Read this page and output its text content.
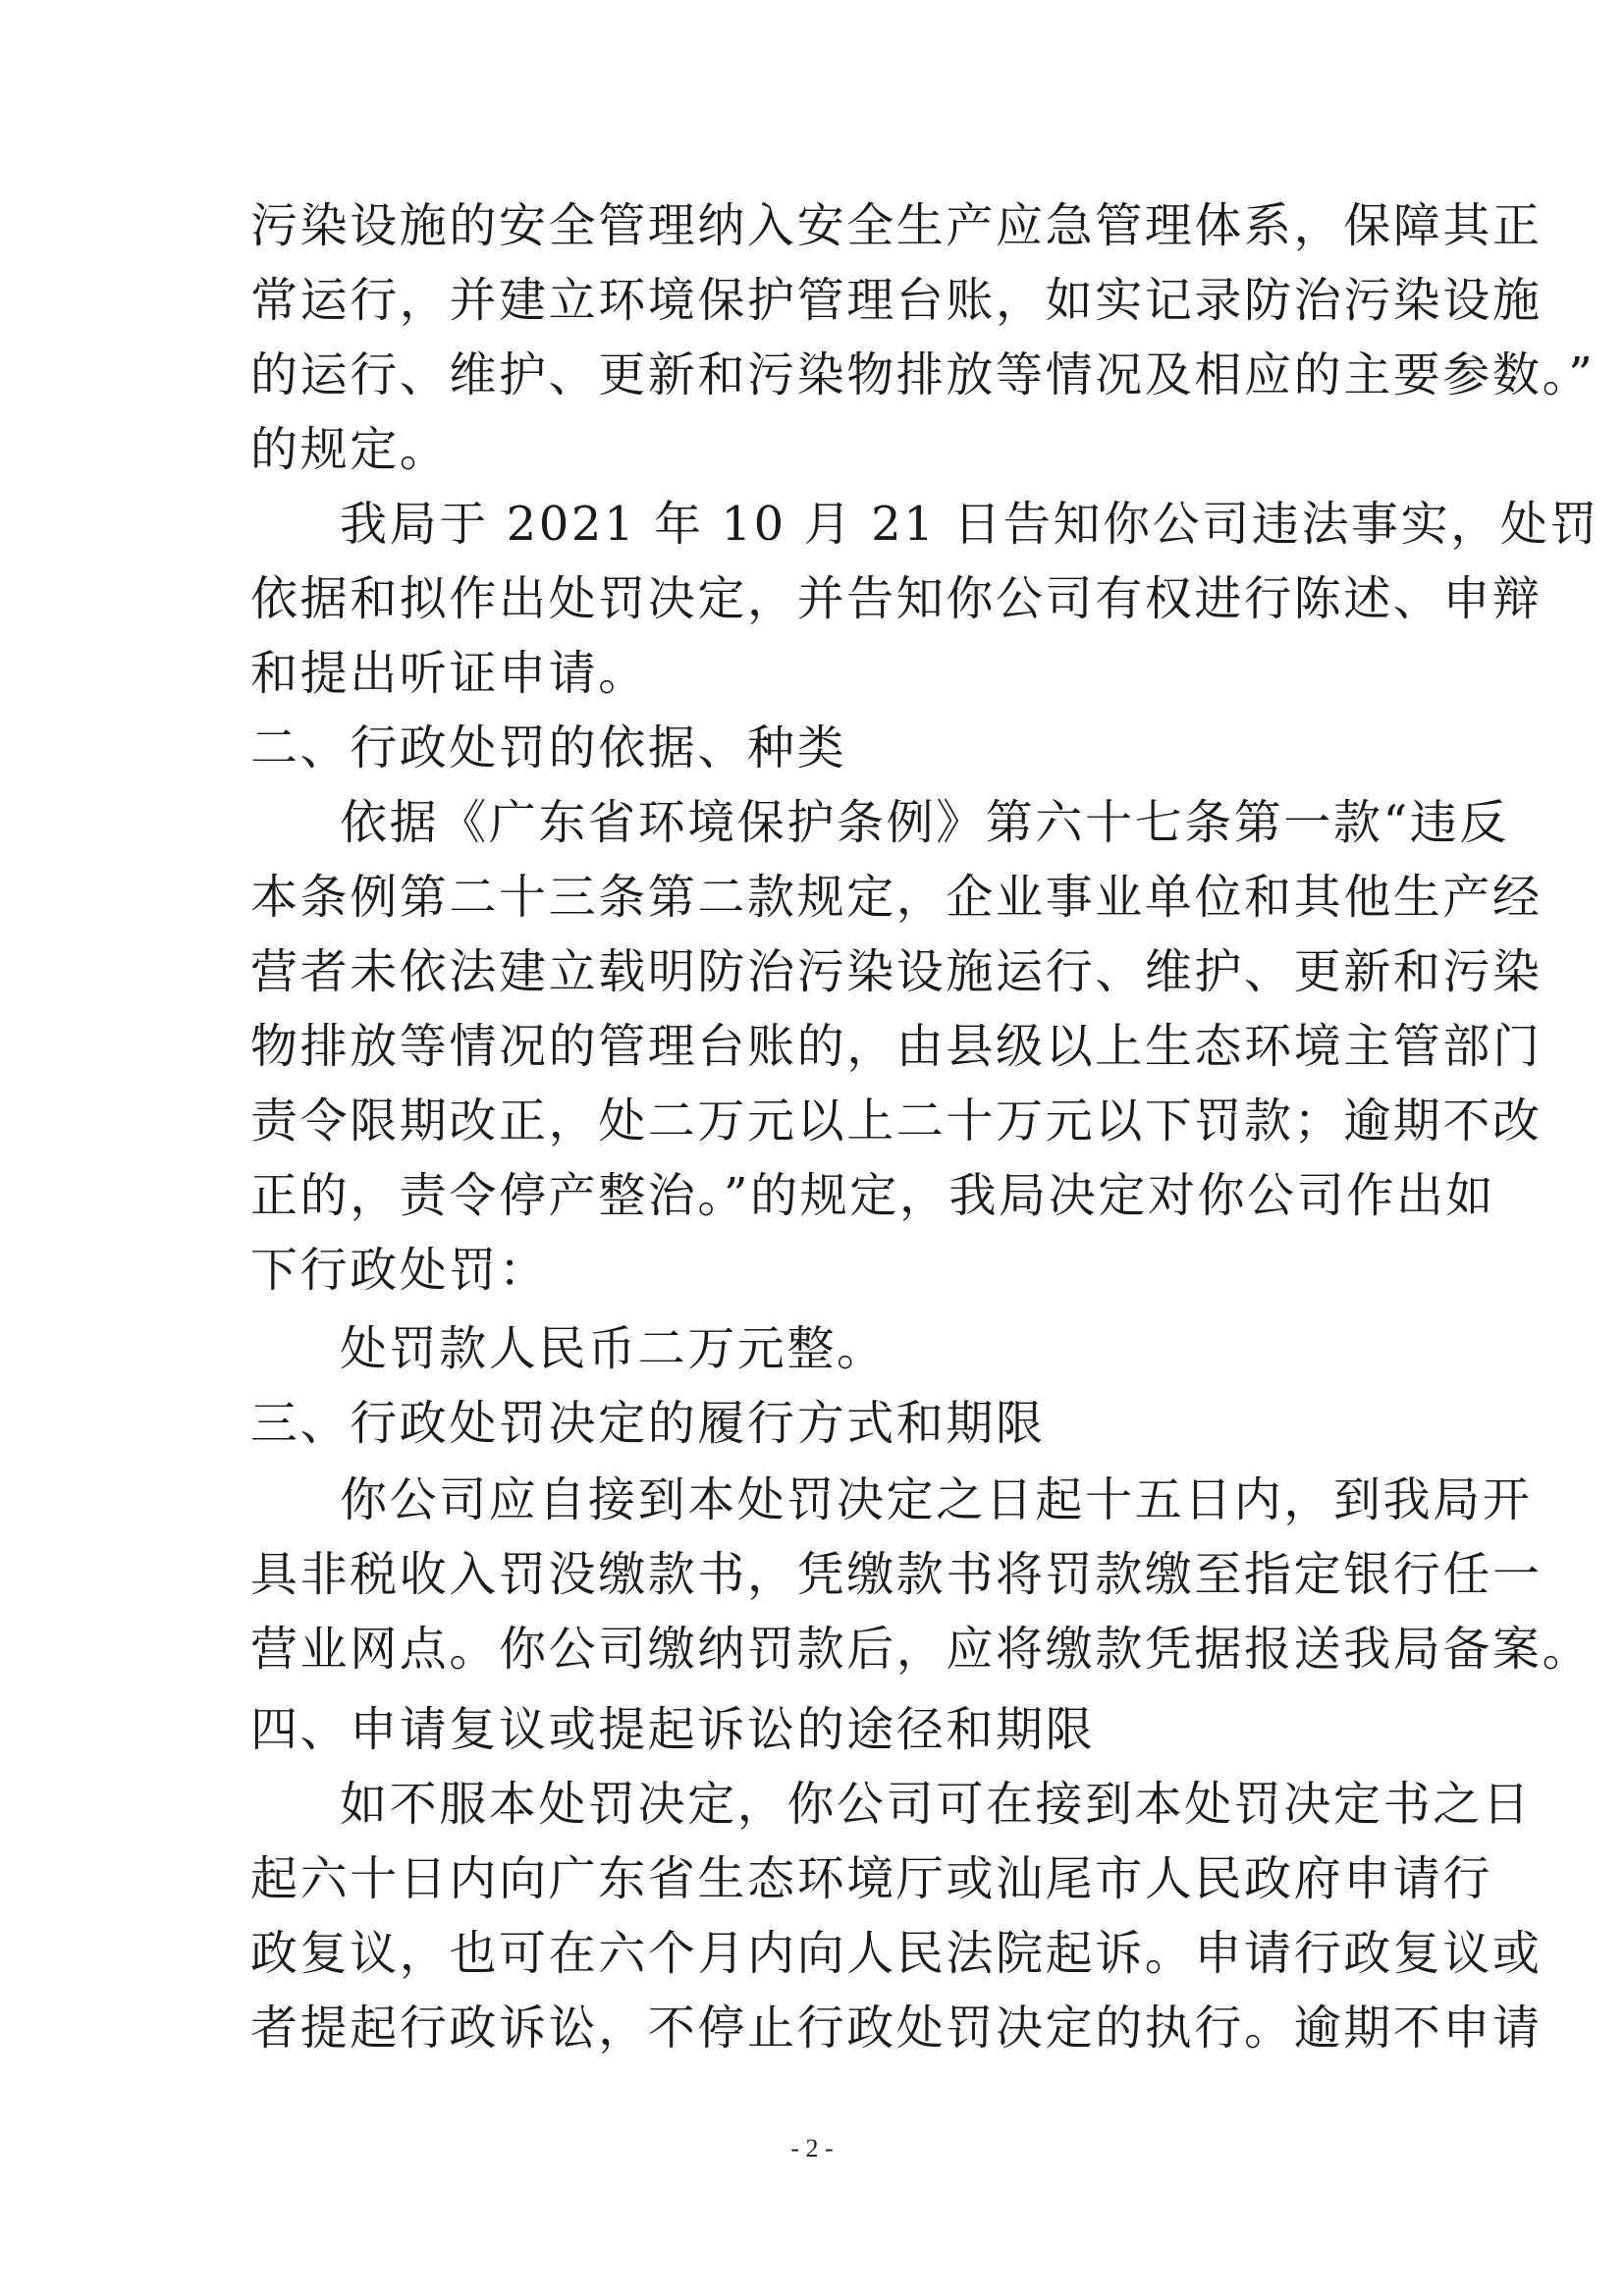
污染设施的安全管理纳入安全生产应急管理体系，保障其正
常运行，并建立环境保护管理台账，如实记录防治污染设施
的运行、维护、更新和污染物排放等情况及相应的主要参数。”
的规定。
我局于 2021 年 10 月 21 日告知你公司违法事实，处罚
依据和拟作出处罚决定，并告知你公司有权进行陈述、申辩
和提出听证申请。
二、行政处罚的依据、种类
依据《广东省环境保护条例》第六十七条第一款“违反
本条例第二十三条第二款规定，企业事业单位和其他生产经
营者未依法建立载明防治污染设施运行、维护、更新和污染
物排放等情况的管理台账的，由县级以上生态环境主管部门
责令限期改正，处二万元以上二十万元以下罚款；逾期不改
正的，责令停产整治。”的规定，我局决定对你公司作出如
下行政处罚：
处罚款人民币二万元整。
三、行政处罚决定的履行方式和期限
你公司应自接到本处罚决定之日起十五日内，到我局开
具非税收入罚没缴款书，凭缴款书将罚款缴至指定银行任一
营业网点。你公司缴纳罚款后，应将缴款凭据报送我局备案。
四、申请复议或提起诉讼的途径和期限
如不服本处罚决定，你公司可在接到本处罚决定书之日
起六十日内向广东省生态环境厅或汕尾市人民政府申请行
政复议，也可在六个月内向人民法院起诉。申请行政复议或
者提起行政诉讼，不停止行政处罚决定的执行。逾期不申请
- 2 -
